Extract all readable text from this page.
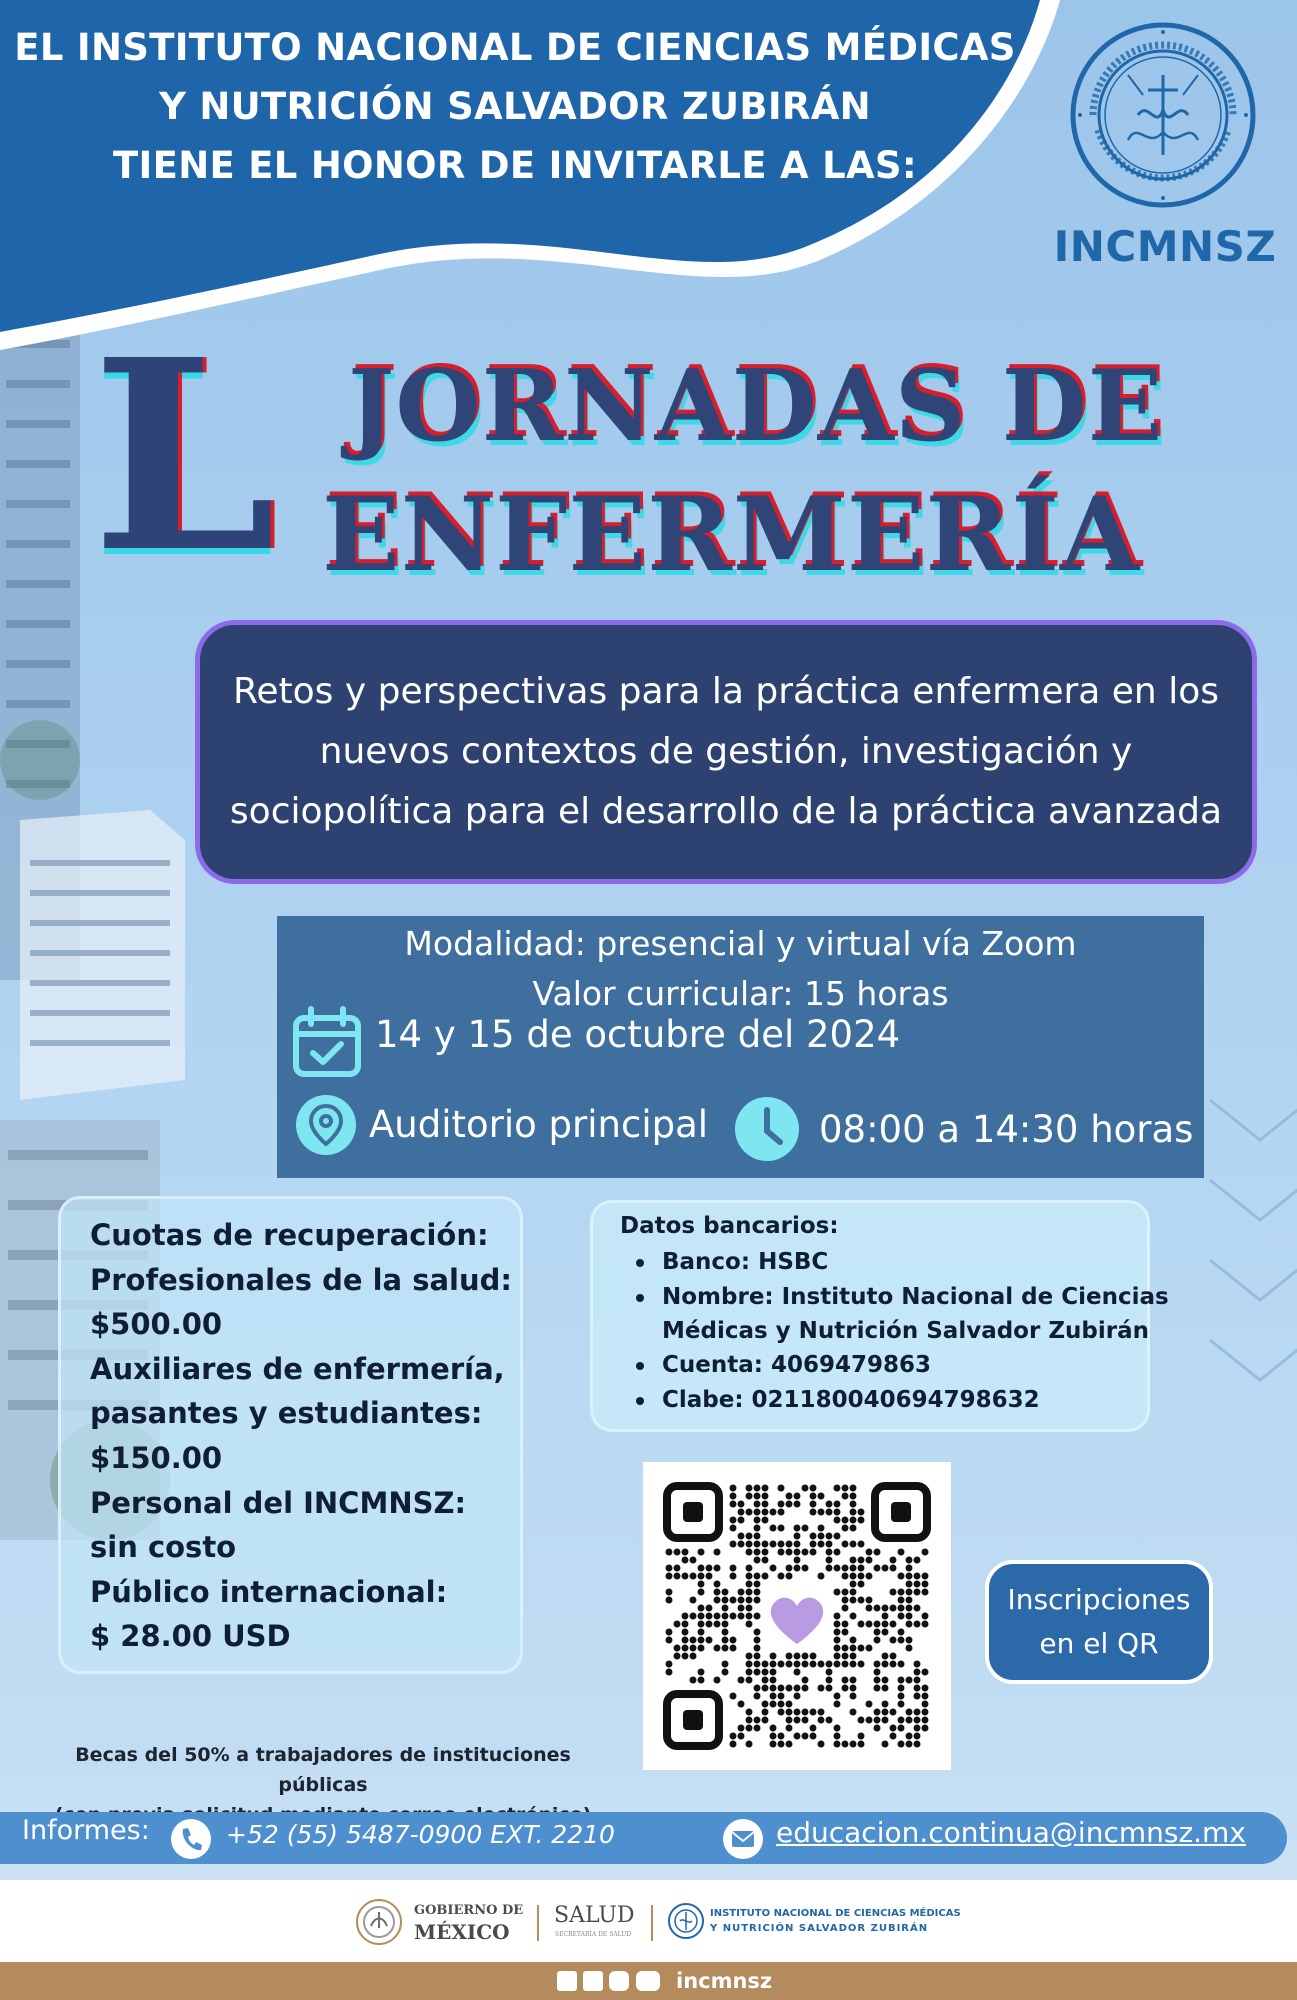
EL INSTITUTO NACIONAL DE CIENCIAS MÉDICAS
Y NUTRICIÓN SALVADOR ZUBIRÁN
TIENE EL HONOR DE INVITARLE A LAS:
INCMNSZ
L JORNADAS DE
ENFERMERÍA
Retos y perspectivas para la práctica enfermera en los nuevos contextos de gestión, investigación y sociopolítica para el desarrollo de la práctica avanzada
Modalidad: presencial y virtual vía Zoom
Valor curricular: 15 horas
14 y 15 de octubre del 2024
Auditorio principal	08:00 a 14:30 horas
Cuotas de recuperación:
Profesionales de la salud:
$500.00
Auxiliares de enfermería,
pasantes y estudiantes:
$150.00
Personal del INCMNSZ:
sin costo
Público internacional:
$ 28.00 USD
Datos bancarios:
Banco: HSBC
Nombre: Instituto Nacional de Ciencias
Médicas y Nutrición Salvador Zubirán
Cuenta: 4069479863
Clabe: 021180040694798632
Inscripciones
en el QR
Becas del 50% a trabajadores de instituciones públicas
Informes:	+52 (55) 5487-0900 EXT. 2210	educacion.continua@incmnsz.mx
GOBIERNO DE
MÉXICO
SALUD
SECRETARÍA DE SALUD
INSTITUTO NACIONAL DE CIENCIAS MÉDICAS
Y NUTRICIÓN SALVADOR ZUBIRÁN
incmnsz
